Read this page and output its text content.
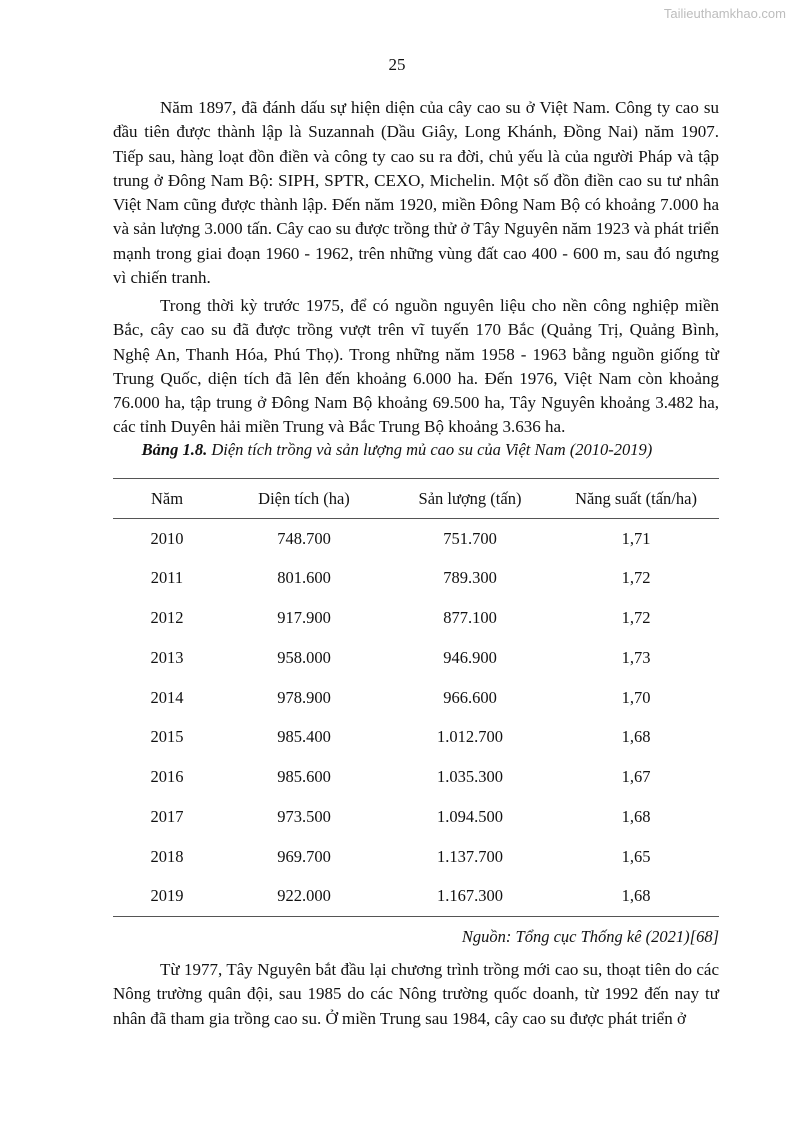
Tailieuthamkhao.com
25

Năm 1897, đã đánh dấu sự hiện diện của cây cao su ở Việt Nam. Công ty cao su đầu tiên được thành lập là Suzannah (Dầu Giây, Long Khánh, Đồng Nai) năm 1907. Tiếp sau, hàng loạt đồn điền và công ty cao su ra đời, chủ yếu là của người Pháp và tập trung ở Đông Nam Bộ: SIPH, SPTR, CEXO, Michelin. Một số đồn điền cao su tư nhân Việt Nam cũng được thành lập. Đến năm 1920, miền Đông Nam Bộ có khoảng 7.000 ha và sản lượng 3.000 tấn. Cây cao su được trồng thử ở Tây Nguyên năm 1923 và phát triển mạnh trong giai đoạn 1960 - 1962, trên những vùng đất cao 400 - 600 m, sau đó ngưng vì chiến tranh.

Trong thời kỳ trước 1975, để có nguồn nguyên liệu cho nền công nghiệp miền Bắc, cây cao su đã được trồng vượt trên vĩ tuyến 170 Bắc (Quảng Trị, Quảng Bình, Nghệ An, Thanh Hóa, Phú Thọ). Trong những năm 1958 - 1963 bằng nguồn giống từ Trung Quốc, diện tích đã lên đến khoảng 6.000 ha. Đến 1976, Việt Nam còn khoảng 76.000 ha, tập trung ở Đông Nam Bộ khoảng 69.500 ha, Tây Nguyên khoảng 3.482 ha, các tỉnh Duyên hải miền Trung và Bắc Trung Bộ khoảng 3.636 ha.

Bảng 1.8. Diện tích trồng và sản lượng mủ cao su của Việt Nam (2010-2019)
Năm	Diện tích (ha)	Sản lượng (tấn)	Năng suất (tấn/ha)
2010	748.700	751.700	1,71
2011	801.600	789.300	1,72
2012	917.900	877.100	1,72
2013	958.000	946.900	1,73
2014	978.900	966.600	1,70
2015	985.400	1.012.700	1,68
2016	985.600	1.035.300	1,67
2017	973.500	1.094.500	1,68
2018	969.700	1.137.700	1,65
2019	922.000	1.167.300	1,68
Nguồn: Tổng cục Thống kê (2021)[68]

Từ 1977, Tây Nguyên bắt đầu lại chương trình trồng mới cao su, thoạt tiên do các Nông trường quân đội, sau 1985 do các Nông trường quốc doanh, từ 1992 đến nay tư nhân đã tham gia trồng cao su. Ở miền Trung sau 1984, cây cao su được phát triển ở
